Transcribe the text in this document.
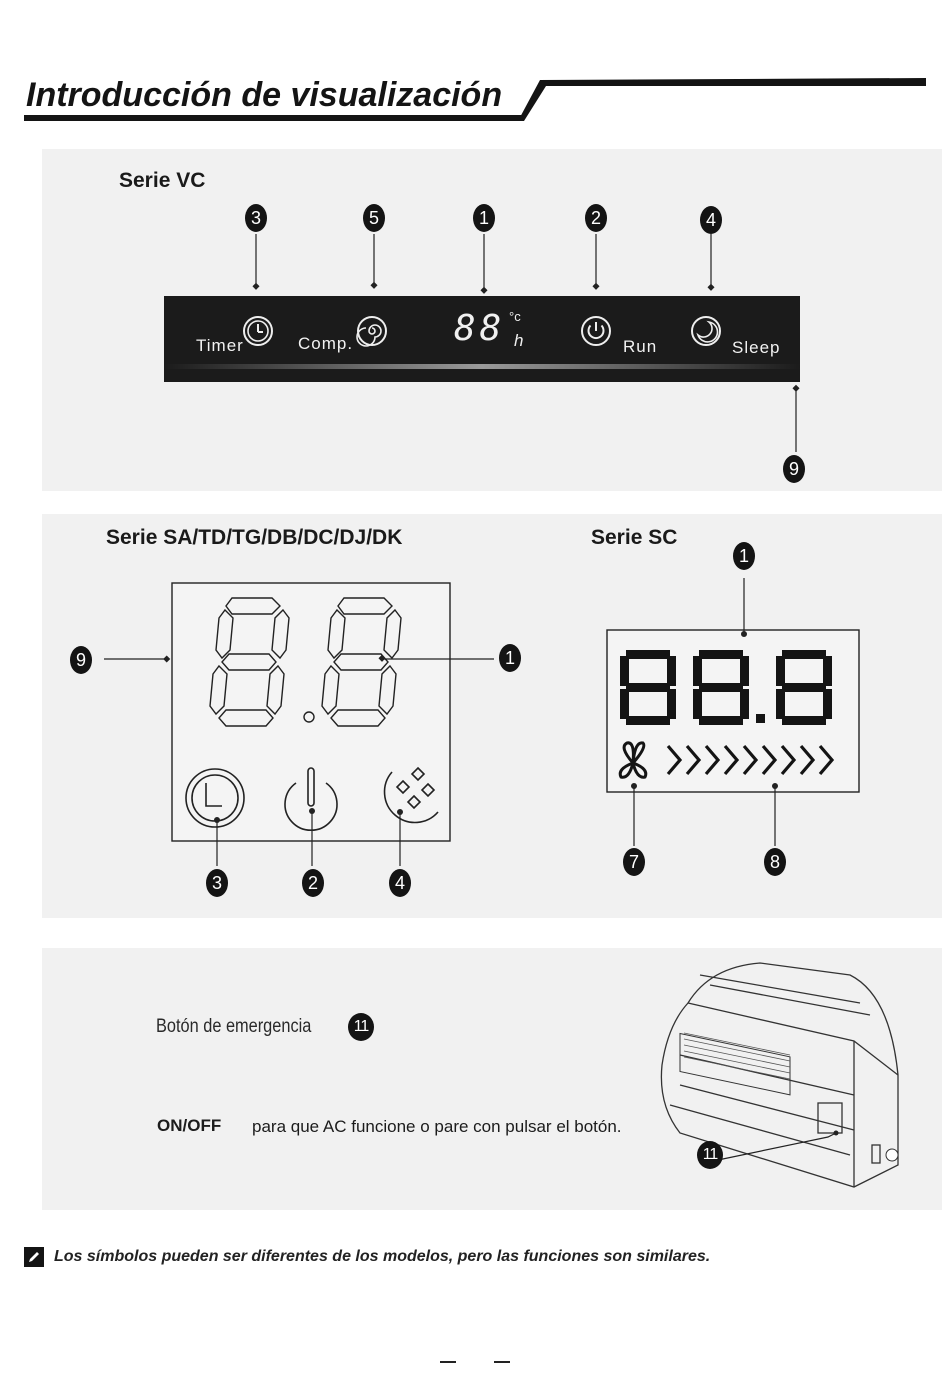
Introducción de visualización
Serie VC
3	5	1	2	4
9
Timer	Comp.	88 °c
h	Run	Sleep
Serie SA/TD/TG/DB/DC/DJ/DK	Serie SC
9	1
3	2	4
1
7	8
Botón de emergencia	11
ON/OFF para que AC funcione o pare con pulsar el botón.
11
Los símbolos pueden ser diferentes de los modelos, pero las funciones son similares.
